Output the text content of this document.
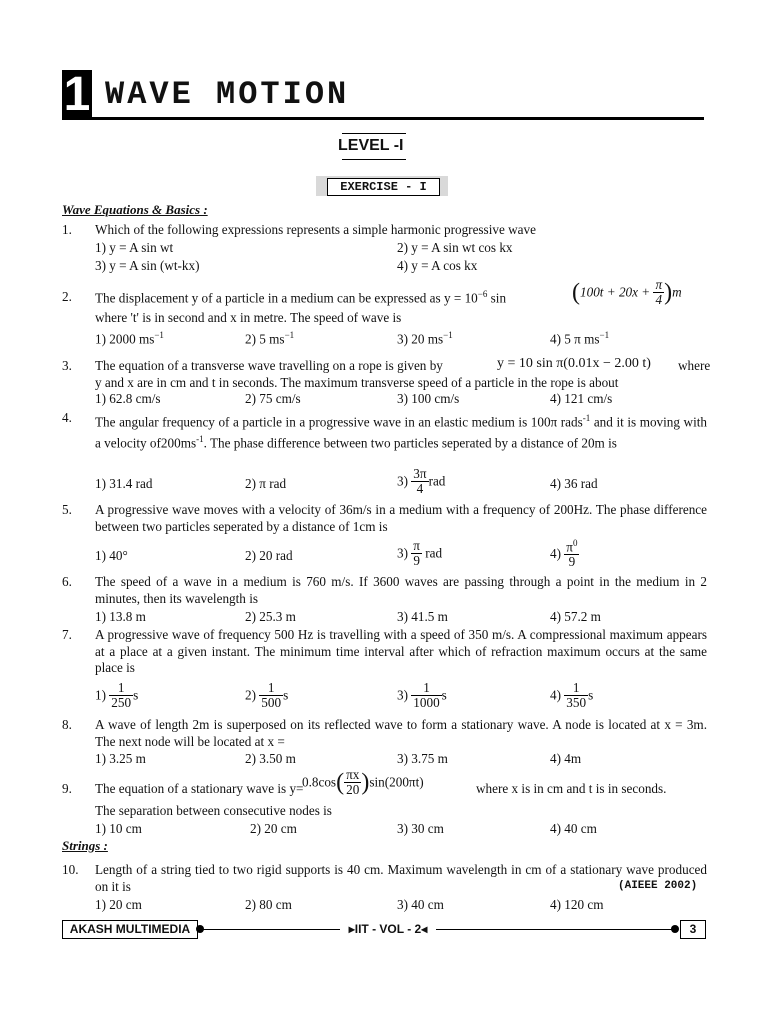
1 WAVE MOTION
LEVEL -I
EXERCISE - I
Wave Equations & Basics :
1. Which of the following expressions represents a simple harmonic progressive wave
1) y = A sin wt	2) y = A sin wt cos kx
3) y = A sin (wt-kx)	4) y = A cos kx
2. The displacement y of a particle in a medium can be expressed as $y = 10^{-6}$ sin	$(100t + 20x + \frac{\pi}{4} )m$
where 't' is in second and x in metre. The speed of wave is
1) 2000 $ms^{-1}$	2) 5 $ms^{-1}$	3) 20 $ms^{-1}$	4) 5 π $ms^{-1}$
3. The equation of a transverse wave travelling on a rope is given by	y = 10 sin π(0.01x − 2.00 t) where
y and x are in cm and t in seconds. The maximum transverse speed of a particle in the rope is about
1) 62.8 cm/s	2) 75 cm/s	3) 100 cm/s	4) 121 cm/s
4. The angular frequency of a particle in a progressive wave in an elastic medium is 100π rads$^{-1}$ and it is moving with a velocity $of200ms^{-1}$. The phase difference between two particles seperated by a distance of 20m is
1) 31.4 rad	2) π rad	$3) \frac{3\pi}{4}$ rad	4) 36 rad
5. A progressive wave moves with a velocity of 36m/s in a medium with a frequency of 200Hz. The phase difference between two particles seperated by a distance of 1cm is
1) 40°	2) 20 rad	$3) \frac{\pi}{9}$ rad	$4) \frac{\pi^0}{9}$
6. The speed of a wave in a medium is 760 m/s. If 3600 waves are passing through a point in the medium in 2 minutes, then its wavelength is
1) 13.8 m	2) 25.3 m	3) 41.5 m	4) 57.2 m
7. A progressive wave of frequency 500 Hz is travelling with a speed of 350 m/s. A compressional maximum appears at a place at a given instant. The minimum time interval after which of refraction maximum occurs at the same place is
$1) \frac{1}{250}$ s	$2) \frac{1}{500}$ s	$3) \frac{1}{1000}$ s	$4) \frac{1}{350}$ s
8. A wave of length 2m is superposed on its reflected wave to form a stationary wave. A node is located at x = 3m. The next node will be located at x =
1) 3.25 m	2) 3.50 m	3) 3.75 m	4) 4m
9. The equation of a stationary wave is y=
$0.8\cos( \frac{\pi x}{20} )\sin(200\pi t)$	where x is in cm and t is in seconds.
The separation between consecutive nodes is
1) 10 cm	2) 20 cm	3) 30 cm	4) 40 cm
Strings :
10. Length of a string tied to two rigid supports is 40 cm. Maximum wavelength in cm of a stationary wave produced on it is	(AIEEE 2002)
1) 20 cm	2) 80 cm	3) 40 cm	4) 120 cm
AKASH MULTIMEDIA	▸IIT - VOL - 2◂	3
